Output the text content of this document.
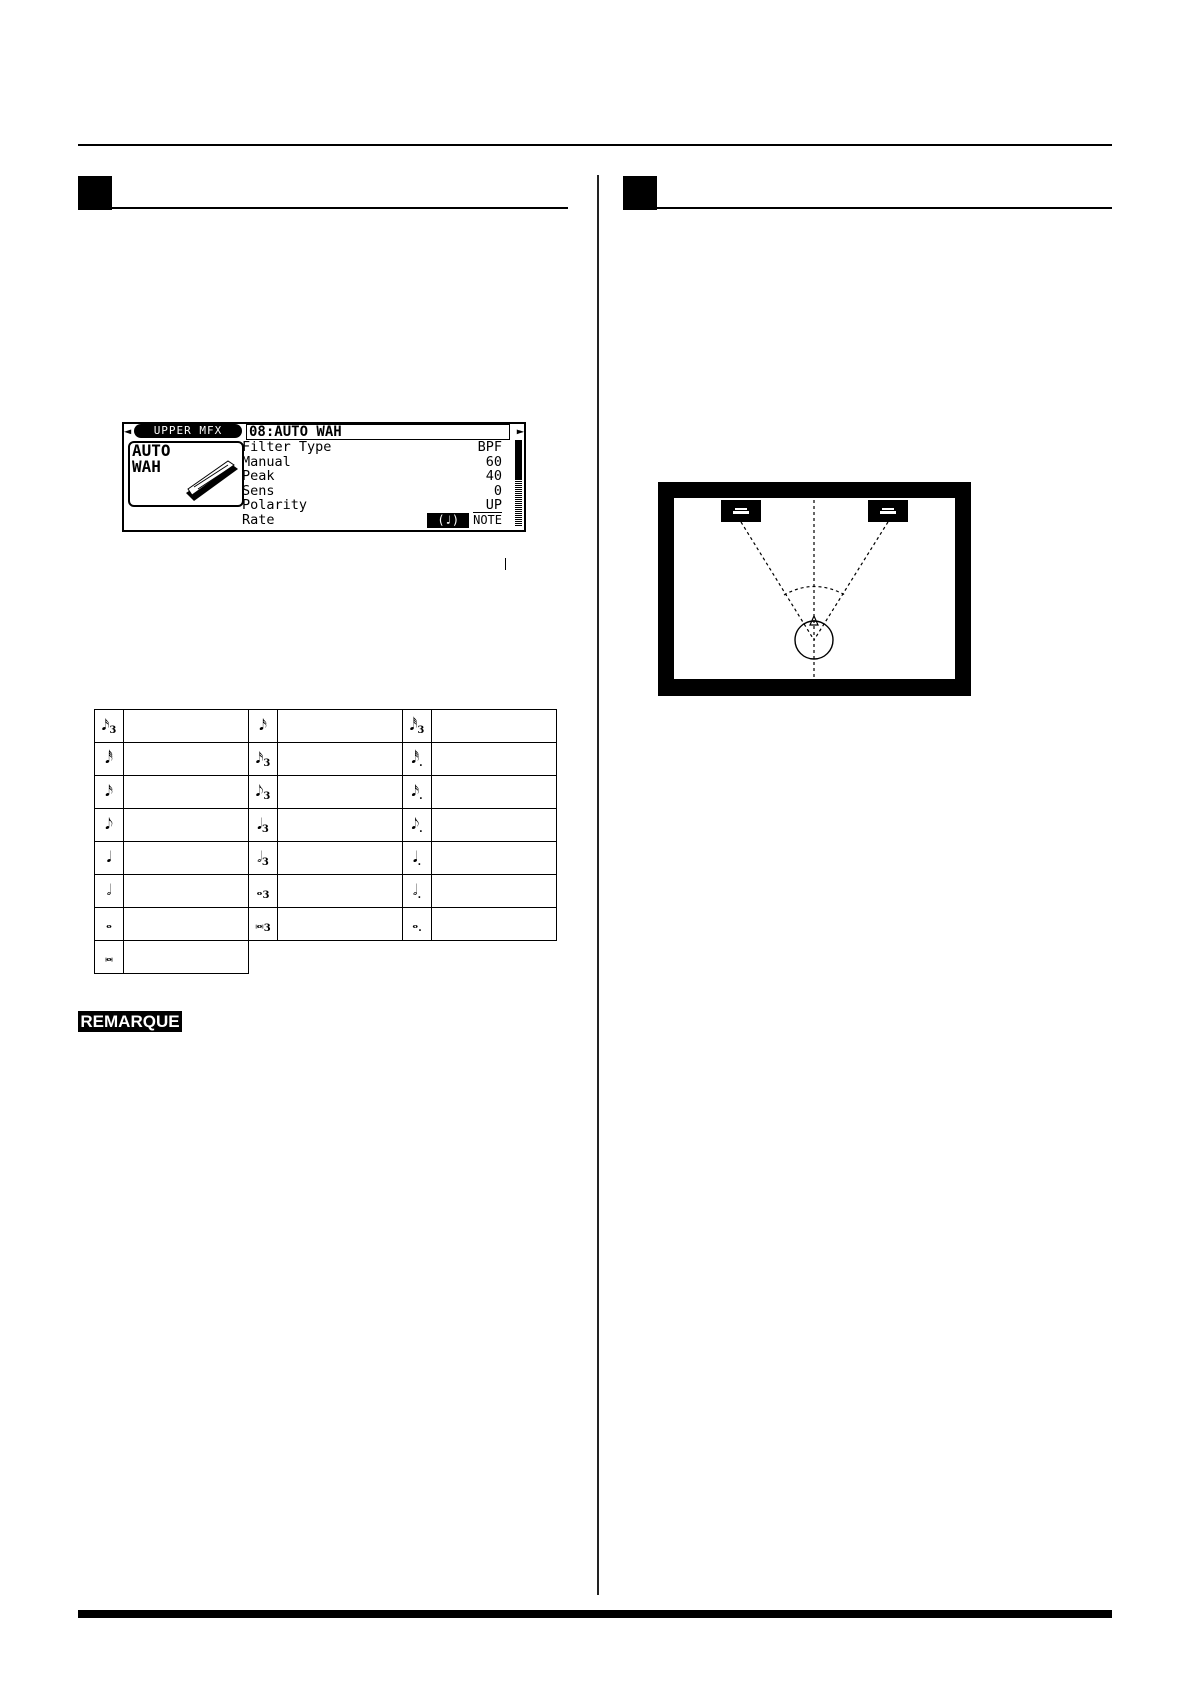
◄	UPPER MFX	08:AUTO WAH	►
AUTO
WAH
Filter Type	BPF
Manual	60
Peak	40
Sens	0
Polarity	UP
Rate	(♩) NOTE
$𝅘𝅥𝅯_3$		𝅘𝅥𝅯		$𝅘𝅥𝅰_3$	
𝅘𝅥𝅰		$𝅘𝅥𝅯_3$		$𝅘𝅥𝅰_.$	
𝅘𝅥𝅯		$𝅘𝅥𝅮_3$		$𝅘𝅥𝅯_.$	
𝅘𝅥𝅮		$𝅘𝅥_3$		$𝅘𝅥𝅮_.$	
𝅘𝅥		$𝅗𝅥_3$		$𝅘𝅥_.$	
𝅗𝅥		$𝅝_3$		$𝅗𝅥_.$	
𝅝		$𝅜_3$		$𝅝_.$	
𝅜					
REMARQUE
